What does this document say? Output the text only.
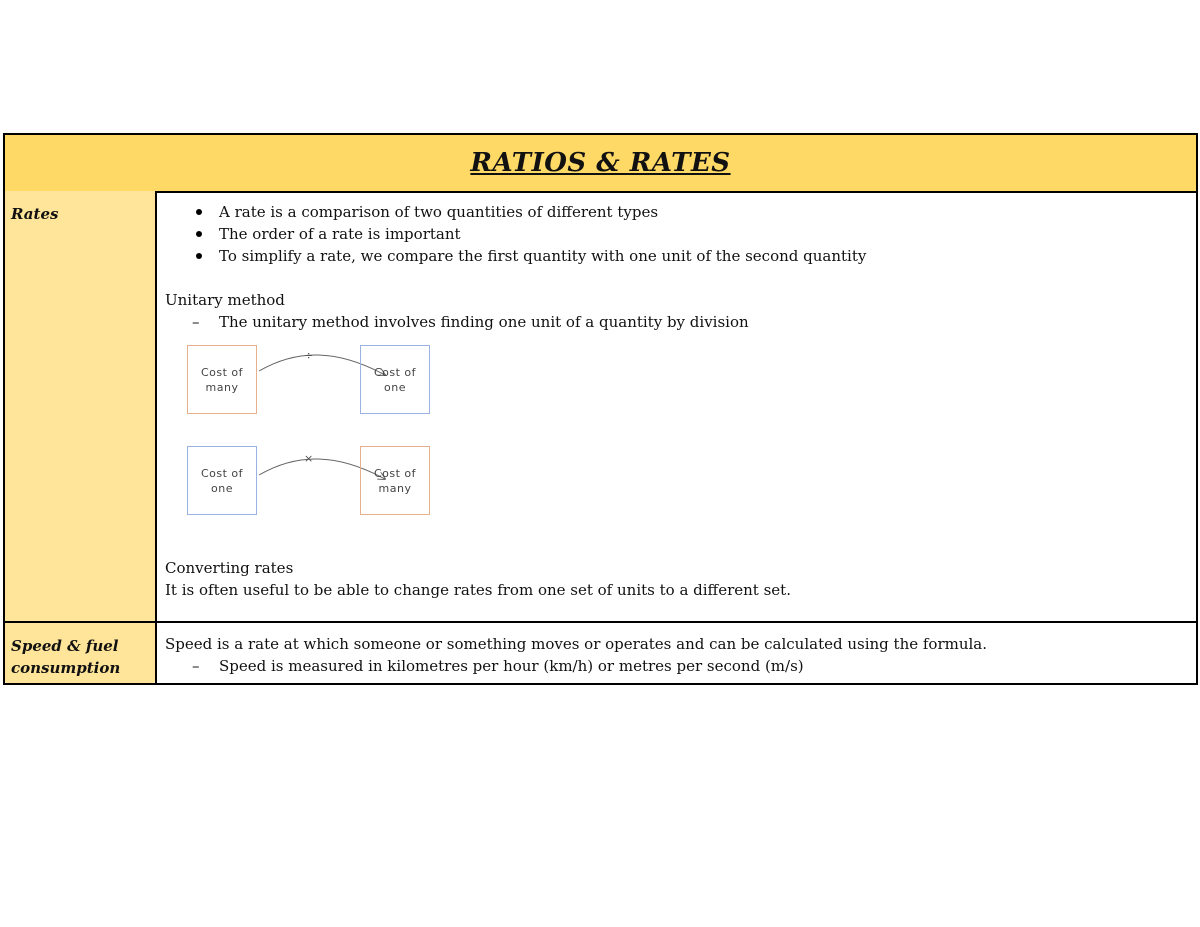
RATIOS & RATES
Rates	A rate is a comparison of two quantities of different types
The order of a rate is important
To simplify a rate, we compare the first quantity with one unit of the second quantity
Unitary method
– The unitary method involves finding one unit of a quantity by division
Cost of
many
÷
Cost of
one
Cost of
one
×
Cost of
many
Converting rates
It is often useful to be able to change rates from one set of units to a different set.
Speed & fuel consumption
Speed is a rate at which someone or something moves or operates and can be calculated using the formula.
– Speed is measured in kilometres per hour (km/h) or metres per second (m/s)
